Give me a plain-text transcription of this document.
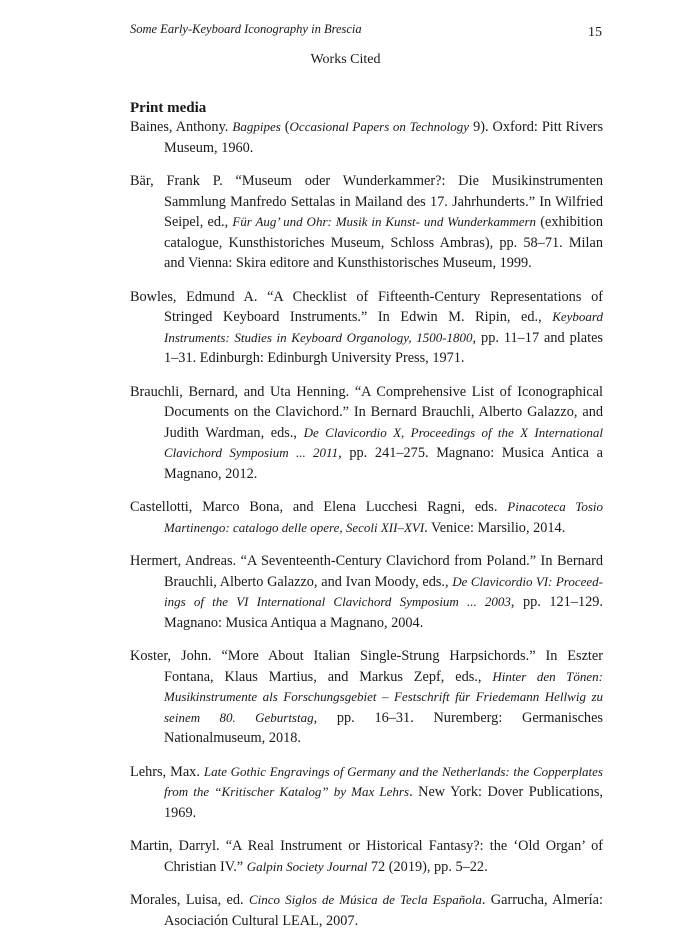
Some Early-Keyboard Iconography in Brescia	15
Works Cited
Print media

Baines, Anthony. Bagpipes (Occasional Papers on Technology 9). Oxford: Pitt Rivers Museum, 1960.

Bär, Frank P. “Museum oder Wunderkammer?: Die Musikinstrumenten Sammlung Manfredo Settalas in Mailand des 17. Jahrhunderts.” In Wilfried Seipel, ed., Für Aug’ und Ohr: Musik in Kunst- und Wunderkammern (exhibition catalogue, Kunsthistoriches Museum, Schloss Ambras), pp. 58–71. Milan and Vienna: Skira editore and Kunsthistorisches Museum, 1999.

Bowles, Edmund A. “A Checklist of Fifteenth-Century Representations of Stringed Keyboard Instruments.” In Edwin M. Ripin, ed., Keyboard Instruments: Studies in Keyboard Organology, 1500-1800, pp. 11–17 and plates 1–31. Edinburgh: Edinburgh University Press, 1971.

Brauchli, Bernard, and Uta Henning. “A Comprehensive List of Iconographical Documents on the Clavichord.” In Bernard Brauchli, Alberto Galazzo, and Judith Wardman, eds., De Clavicordio X, Proceedings of the X International Clavichord Symposium ... 2011, pp. 241–275. Magnano: Musica Antica a Magnano, 2012.

Castellotti, Marco Bona, and Elena Lucchesi Ragni, eds. Pinacoteca Tosio Martinengo: catalogo delle opere, Secoli XII–XVI. Venice: Marsilio, 2014.

Hermert, Andreas. “A Seventeenth-Century Clavichord from Poland.” In Bernard Brauchli, Alberto Galazzo, and Ivan Moody, eds., De Clavicordio VI: Proceedings of the VI International Clavichord Symposium ... 2003, pp. 121–129. Magnano: Musica Antiqua a Magnano, 2004.

Koster, John. “More About Italian Single-Strung Harpsichords.” In Eszter Fontana, Klaus Martius, and Markus Zepf, eds., Hinter den Tönen: Musikinstrumente als Forschungsgebiet – Festschrift für Friedemann Hellwig zu seinem 80. Geburtstag, pp. 16–31. Nuremberg: Germanisches Nationalmuseum, 2018.

Lehrs, Max. Late Gothic Engravings of Germany and the Netherlands: the Copperplates from the “Kritischer Katalog” by Max Lehrs. New York: Dover Publications, 1969.

Martin, Darryl. “A Real Instrument or Historical Fantasy?: the ‘Old Organ’ of Christian IV.” Galpin Society Journal 72 (2019), pp. 5–22.

Morales, Luisa, ed. Cinco Siglos de Música de Tecla Española. Garrucha, Almería: Asociación Cultural LEAL, 2007.
